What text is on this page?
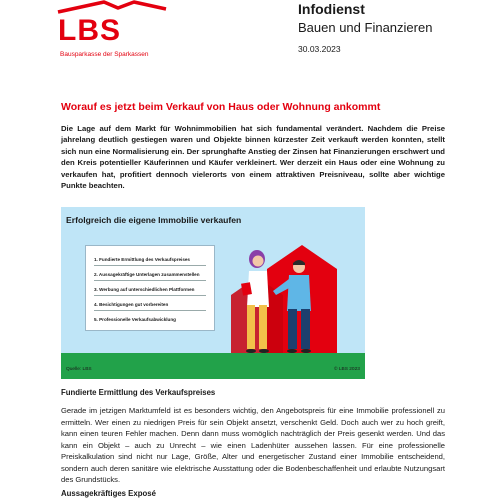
LBS
Bausparkasse der Sparkassen
Infodienst
Bauen und Finanzieren
30.03.2023
Worauf es jetzt beim Verkauf von Haus oder Wohnung ankommt
Die Lage auf dem Markt für Wohnimmobilien hat sich fundamental verändert. Nachdem die Preise jahrelang deutlich gestiegen waren und Objekte binnen kürzester Zeit verkauft werden konnten, stellt sich nun eine Normalisierung ein. Der sprunghafte Anstieg der Zinsen hat Finanzierungen erschwert und den Kreis potentieller Käuferinnen und Käufer verkleinert. Wer derzeit ein Haus oder eine Wohnung zu verkaufen hat, profitiert dennoch vielerorts von einem attraktiven Preisniveau, sollte aber wichtige Punkte beachten.
Erfolgreich die eigene Immobilie verkaufen
1. Fundierte Ermittlung des Verkaufspreises
2. Aussagekräftige Unterlagen zusammenstellen
3. Werbung auf unterschiedlichen Plattformen
4. Besichtigungen gut vorbereiten
5. Professionelle Verkaufsabwicklung
Quelle: LBS	© LBS 2023
Fundierte Ermittlung des Verkaufspreises
Gerade im jetzigen Marktumfeld ist es besonders wichtig, den Angebotspreis für eine Immobilie professionell zu ermitteln. Wer einen zu niedrigen Preis für sein Objekt ansetzt, verschenkt Geld. Doch auch wer zu hoch greift, kann einen teuren Fehler machen. Denn dann muss womöglich nachträglich der Preis gesenkt werden. Und das kann ein Objekt – auch zu Unrecht – wie einen Ladenhüter aussehen lassen. Für eine professionelle Preiskalkulation sind nicht nur Lage, Größe, Alter und energetischer Zustand einer Immobilie entscheidend, sondern auch deren sanitäre wie elektrische Ausstattung oder die Bodenbeschaffenheit und erlaubte Nutzungsart des Grundstücks.
Aussagekräftiges Exposé
